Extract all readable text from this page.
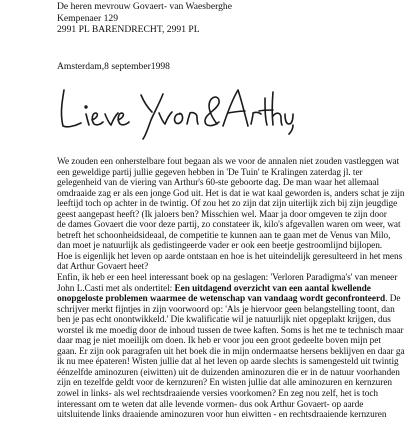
De heren mevrouw Govaert- van Waesberghe
Kempenaer 129
2991 PL BARENDRECHT, 2991 PL
Amsterdam,8 september1998
We zouden een onherstelbare fout begaan als we voor de annalen niet zouden vastleggen wat
een geweldige partij jullie gegeven hebben in 'De Tuin' te Kralingen zaterdag jl. ter
gelegenheid van de viering van Arthur's 60-ste geboorte dag. De man waar het allemaal
omdraaide zag er als een jonge God uit. Het is dat ie wat kaal geworden is, anders schat je zijn
leeftijd toch op achter in de twintig. Of zou het zo zijn dat zijn uiterlijk zich bij zijn jeugdige
geest aangepast heeft? (Ik jaloers ben? Misschien wel. Maar ja door omgeven te zijn door
de dames Govaert die voor deze partij, zo constateer ik, kilo's afgevallen waren om weer, wat
betreft het schoonheidsideaal, de competitie te kunnen aan te gaan met de Venus van Milo,
dan moet je natuurlijk als gedistingeerde vader er ook een beetje gestroomlijnd bijlopen.
Hoe is eigenlijk het leven op aarde ontstaan en hoe is het uiteindelijk geresulteerd in het mens
dat Arthur Govaert heet?
Enfin, ik heb er een heel interessant boek op na geslagen: 'Verloren Paradigma's' van meneer
John L.Casti met als ondertitel: Een uitdagend overzicht van een aantal kwellende
onopgeloste problemen waarmee de wetenschap van vandaag wordt geconfronteerd. De
schrijver merkt fijntjes in zijn voorwoord op: 'Als je hiervoor geen belangstelling toont, dan
ben je pas echt onontwikkeld.' Die kwalificatie wil je natuurlijk niet opgeplakt krijgen, dus
worstel ik me moedig door de inhoud tussen de twee kaften. Soms is het me te technisch maar
daar mag je niet moeilijk om doen. Ik heb er voor jou een groot gedeelte boven mijn pet
gaan. Er zijn ook paragrafen uit het boek die in mijn ondermaatse hersens beklijven en daar ga
ik nu mee épateren! Wisten jullie dat al het leven op aarde slechts is samengesteld uit twintig
éénzelfde aminozuren (eiwitten) uit de duizenden aminozuren die er in de natuur voorhanden
zijn en tezelfde geldt voor de kernzuren? En wisten jullie dat alle aminozuren en kernzuren
zowel in links- als wel rechtsdraaiende versies voorkomen? En zeg nou zelf, het is toch
interessant om te weten dat alle levende vormen- dus ook Arthur Govaert- op aarde
uitsluitende links draaiende aminozuren voor hun eiwitten - en rechtsdraaiende kernzuren
